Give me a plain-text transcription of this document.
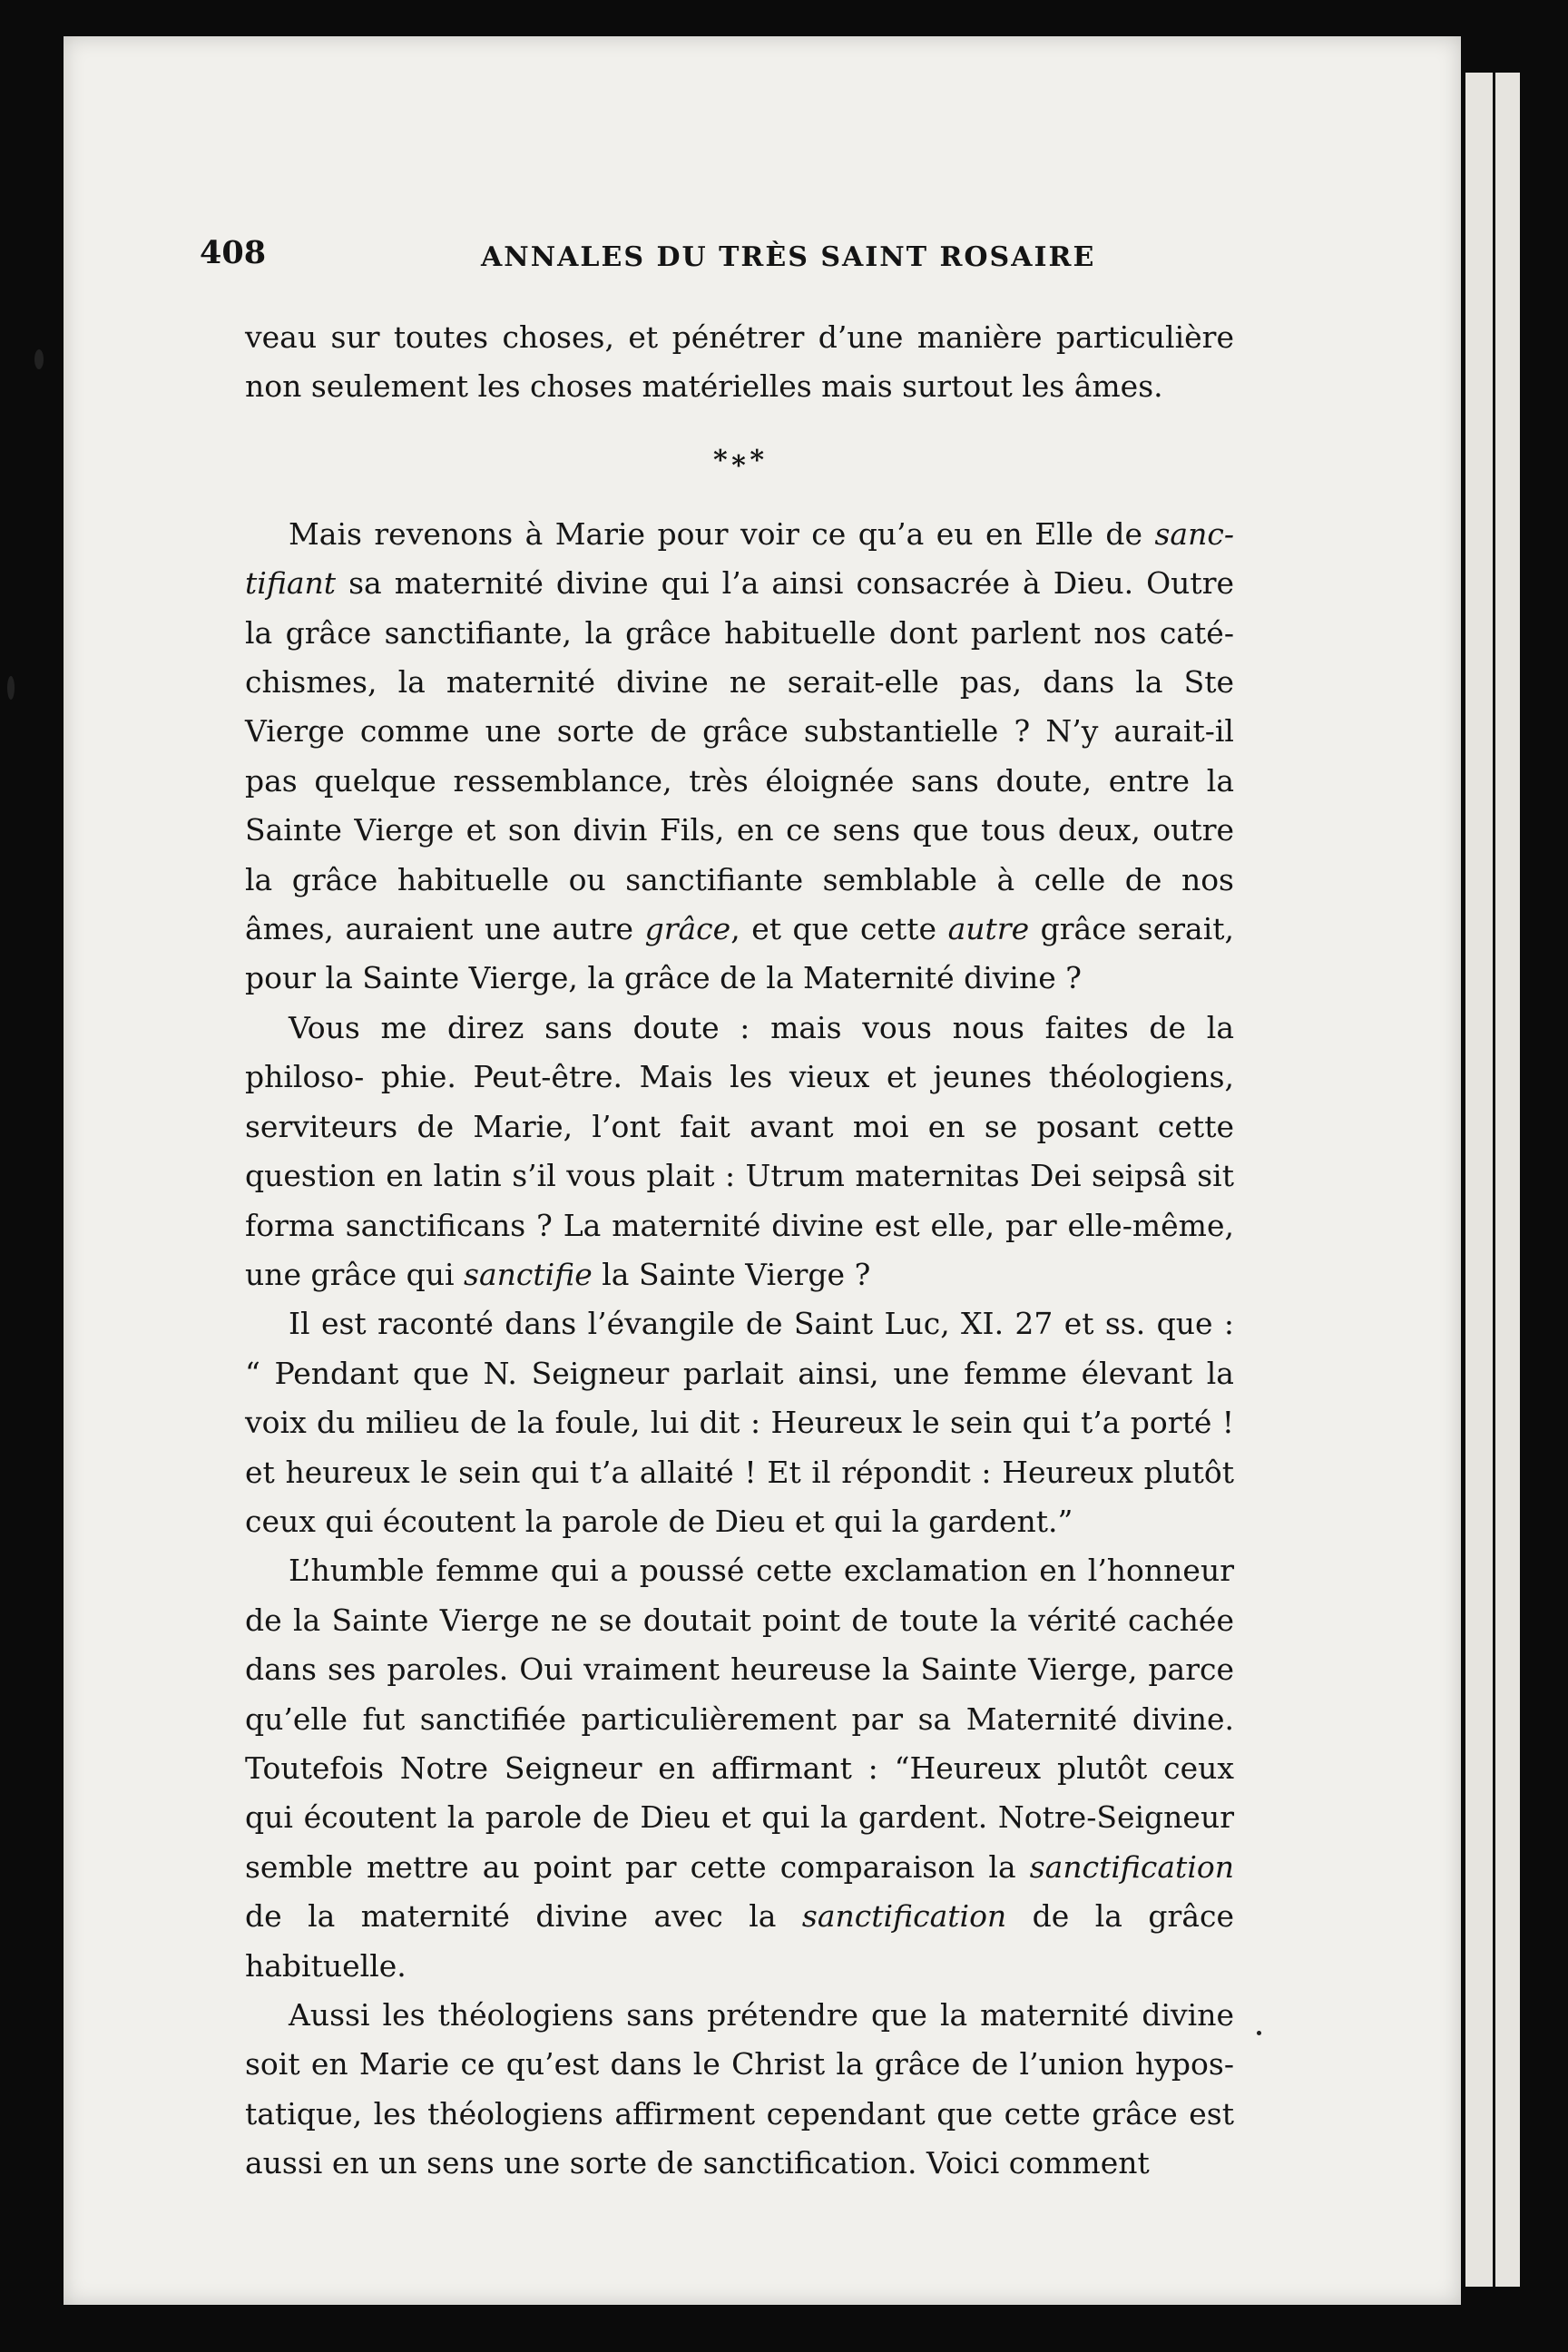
408	ANNALES DU TRÈS SAINT ROSAIRE

veau sur toutes choses, et pénétrer d’une manière particulière non seulement les choses matérielles mais surtout les âmes.

*∗*

Mais revenons à Marie pour voir ce qu’a eu en Elle de sanc- tifiant sa maternité divine qui l’a ainsi consacrée à Dieu. Outre la grâce sanctifiante, la grâce habituelle dont parlent nos caté- chismes, la maternité divine ne serait-elle pas, dans la Ste Vierge comme une sorte de grâce substantielle ? N’y aurait-il pas quelque ressemblance, très éloignée sans doute, entre la Sainte Vierge et son divin Fils, en ce sens que tous deux, outre la grâce habituelle ou sanctifiante semblable à celle de nos âmes, auraient une autre grâce, et que cette autre grâce serait, pour la Sainte Vierge, la grâce de la Maternité divine ?

Vous me direz sans doute : mais vous nous faites de la philoso- phie. Peut-être. Mais les vieux et jeunes théologiens, serviteurs de Marie, l’ont fait avant moi en se posant cette question en latin s’il vous plait : Utrum maternitas Dei seipsâ sit forma sanctificans ? La maternité divine est elle, par elle-même, une grâce qui sanctifie la Sainte Vierge ?

Il est raconté dans l’évangile de Saint Luc, XI. 27 et ss. que : “ Pendant que N. Seigneur parlait ainsi, une femme élevant la voix du milieu de la foule, lui dit : Heureux le sein qui t’a porté ! et heureux le sein qui t’a allaité ! Et il répondit : Heureux plutôt ceux qui écoutent la parole de Dieu et qui la gardent.”

L’humble femme qui a poussé cette exclamation en l’honneur de la Sainte Vierge ne se doutait point de toute la vérité cachée dans ses paroles. Oui vraiment heureuse la Sainte Vierge, parce qu’elle fut sanctifiée particulièrement par sa Maternité divine. Toutefois Notre Seigneur en affirmant : “Heureux plutôt ceux qui écoutent la parole de Dieu et qui la gardent. Notre-Seigneur semble mettre au point par cette comparaison la sanctification de la maternité divine avec la sanctification de la grâce habituelle.

Aussi les théologiens sans prétendre que la maternité divine soit en Marie ce qu’est dans le Christ la grâce de l’union hypos- tatique, les théologiens affirment cependant que cette grâce est aussi en un sens une sorte de sanctification. Voici comment
